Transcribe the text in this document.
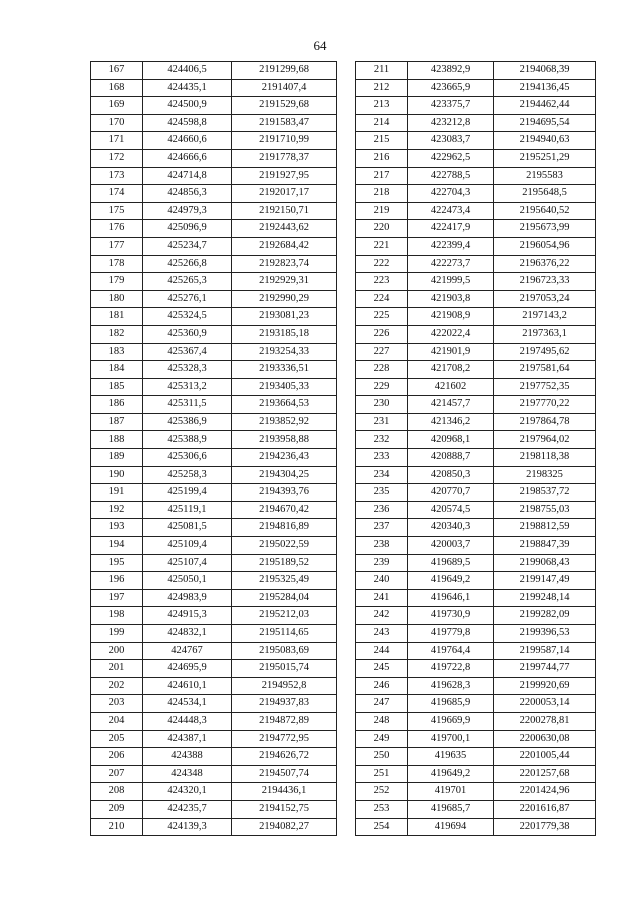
64
167	424406,5	2191299,68
168	424435,1	2191407,4
169	424500,9	2191529,68
170	424598,8	2191583,47
171	424660,6	2191710,99
172	424666,6	2191778,37
173	424714,8	2191927,95
174	424856,3	2192017,17
175	424979,3	2192150,71
176	425096,9	2192443,62
177	425234,7	2192684,42
178	425266,8	2192823,74
179	425265,3	2192929,31
180	425276,1	2192990,29
181	425324,5	2193081,23
182	425360,9	2193185,18
183	425367,4	2193254,33
184	425328,3	2193336,51
185	425313,2	2193405,33
186	425311,5	2193664,53
187	425386,9	2193852,92
188	425388,9	2193958,88
189	425306,6	2194236,43
190	425258,3	2194304,25
191	425199,4	2194393,76
192	425119,1	2194670,42
193	425081,5	2194816,89
194	425109,4	2195022,59
195	425107,4	2195189,52
196	425050,1	2195325,49
197	424983,9	2195284,04
198	424915,3	2195212,03
199	424832,1	2195114,65
200	424767	2195083,69
201	424695,9	2195015,74
202	424610,1	2194952,8
203	424534,1	2194937,83
204	424448,3	2194872,89
205	424387,1	2194772,95
206	424388	2194626,72
207	424348	2194507,74
208	424320,1	2194436,1
209	424235,7	2194152,75
210	424139,3	2194082,27
211	423892,9	2194068,39
212	423665,9	2194136,45
213	423375,7	2194462,44
214	423212,8	2194695,54
215	423083,7	2194940,63
216	422962,5	2195251,29
217	422788,5	2195583
218	422704,3	2195648,5
219	422473,4	2195640,52
220	422417,9	2195673,99
221	422399,4	2196054,96
222	422273,7	2196376,22
223	421999,5	2196723,33
224	421903,8	2197053,24
225	421908,9	2197143,2
226	422022,4	2197363,1
227	421901,9	2197495,62
228	421708,2	2197581,64
229	421602	2197752,35
230	421457,7	2197770,22
231	421346,2	2197864,78
232	420968,1	2197964,02
233	420888,7	2198118,38
234	420850,3	2198325
235	420770,7	2198537,72
236	420574,5	2198755,03
237	420340,3	2198812,59
238	420003,7	2198847,39
239	419689,5	2199068,43
240	419649,2	2199147,49
241	419646,1	2199248,14
242	419730,9	2199282,09
243	419779,8	2199396,53
244	419764,4	2199587,14
245	419722,8	2199744,77
246	419628,3	2199920,69
247	419685,9	2200053,14
248	419669,9	2200278,81
249	419700,1	2200630,08
250	419635	2201005,44
251	419649,2	2201257,68
252	419701	2201424,96
253	419685,7	2201616,87
254	419694	2201779,38
